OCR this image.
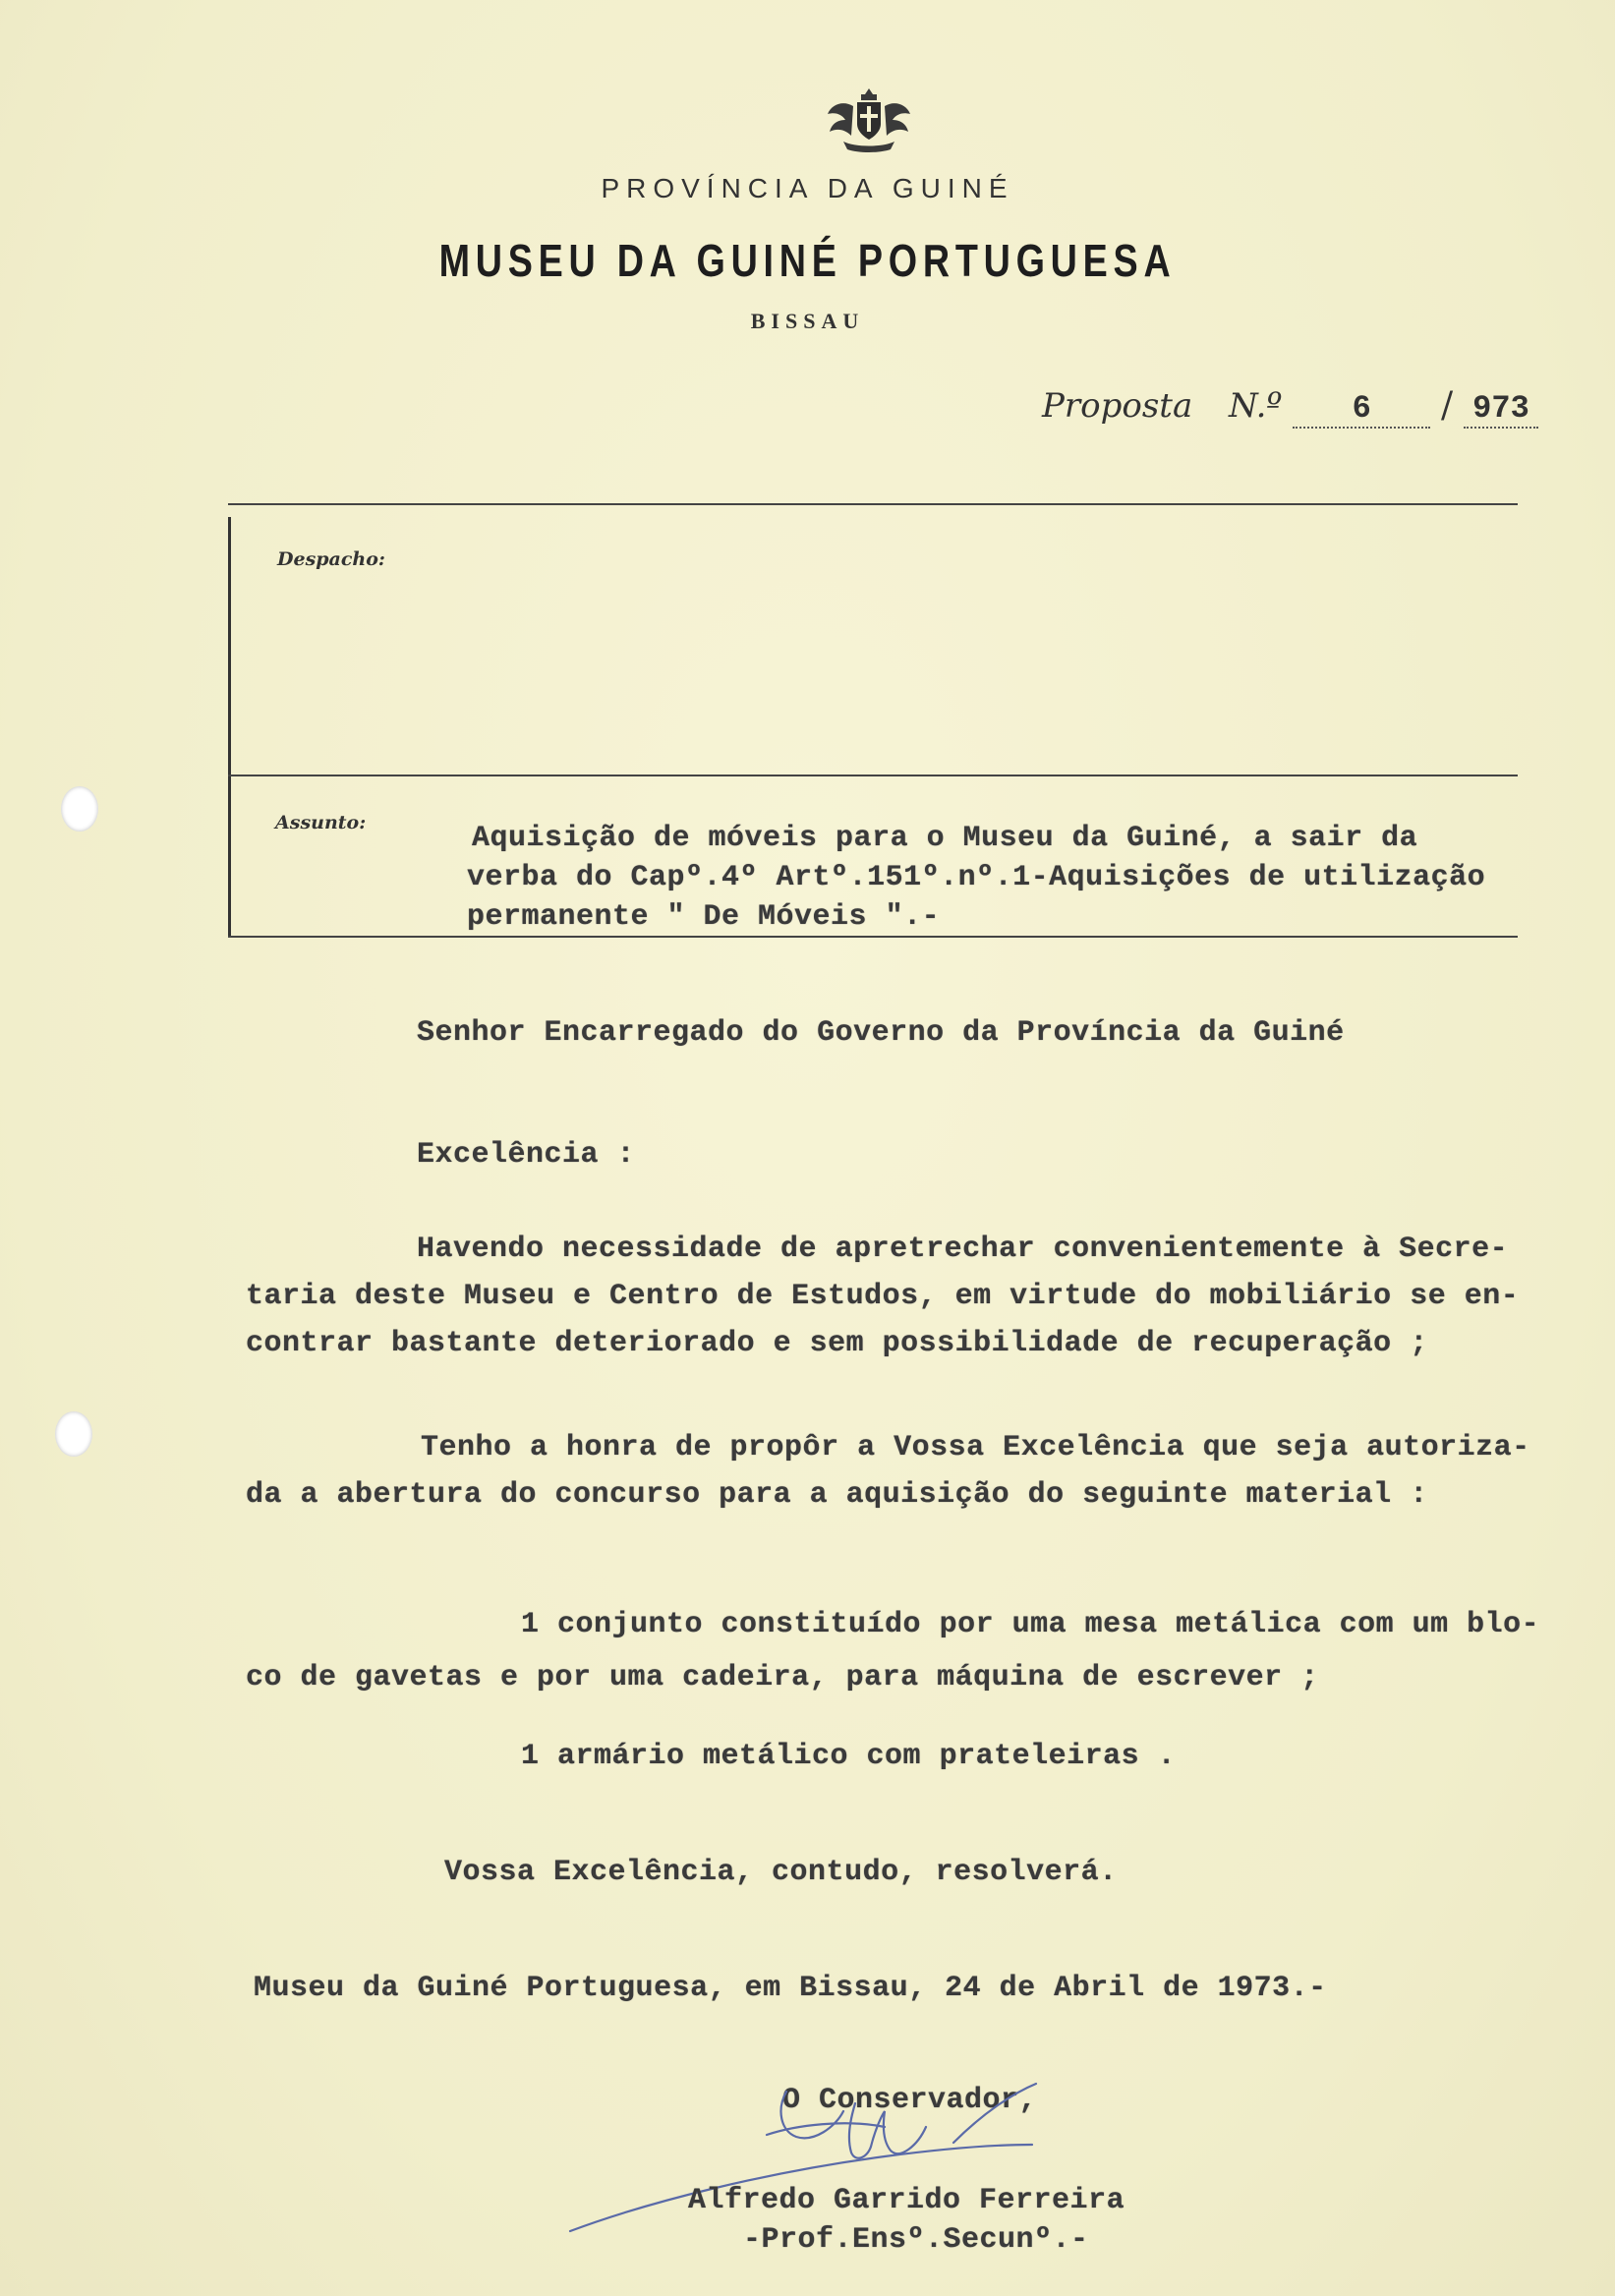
PROVÍNCIA DA GUINÉ
MUSEU DA GUINÉ PORTUGUESA
BISSAU
Proposta N.º 6 / 973
Despacho:
Assunto:	Aquisição de móveis para o Museu da Guiné, a sair da
verba do Capº.4º Artº.151º.nº.1-Aquisições de utilização
permanente " De Móveis ".-
Senhor Encarregado do Governo da Província da Guiné
Excelência :
Havendo necessidade de apretrechar convenientemente à Secre-
taria deste Museu e Centro de Estudos, em virtude do mobiliário se en-
contrar bastante deteriorado e sem possibilidade de recuperação ;
Tenho a honra de propôr a Vossa Excelência que seja autoriza-
da a abertura do concurso para a aquisição do seguinte material :
1 conjunto constituído por uma mesa metálica com um blo-
co de gavetas e por uma cadeira, para máquina de escrever ;
1 armário metálico com prateleiras .
Vossa Excelência, contudo, resolverá.
Museu da Guiné Portuguesa, em Bissau, 24 de Abril de 1973.-
O Conservador,
Alfredo Garrido Ferreira
-Prof.Ensº.Secunº.-
